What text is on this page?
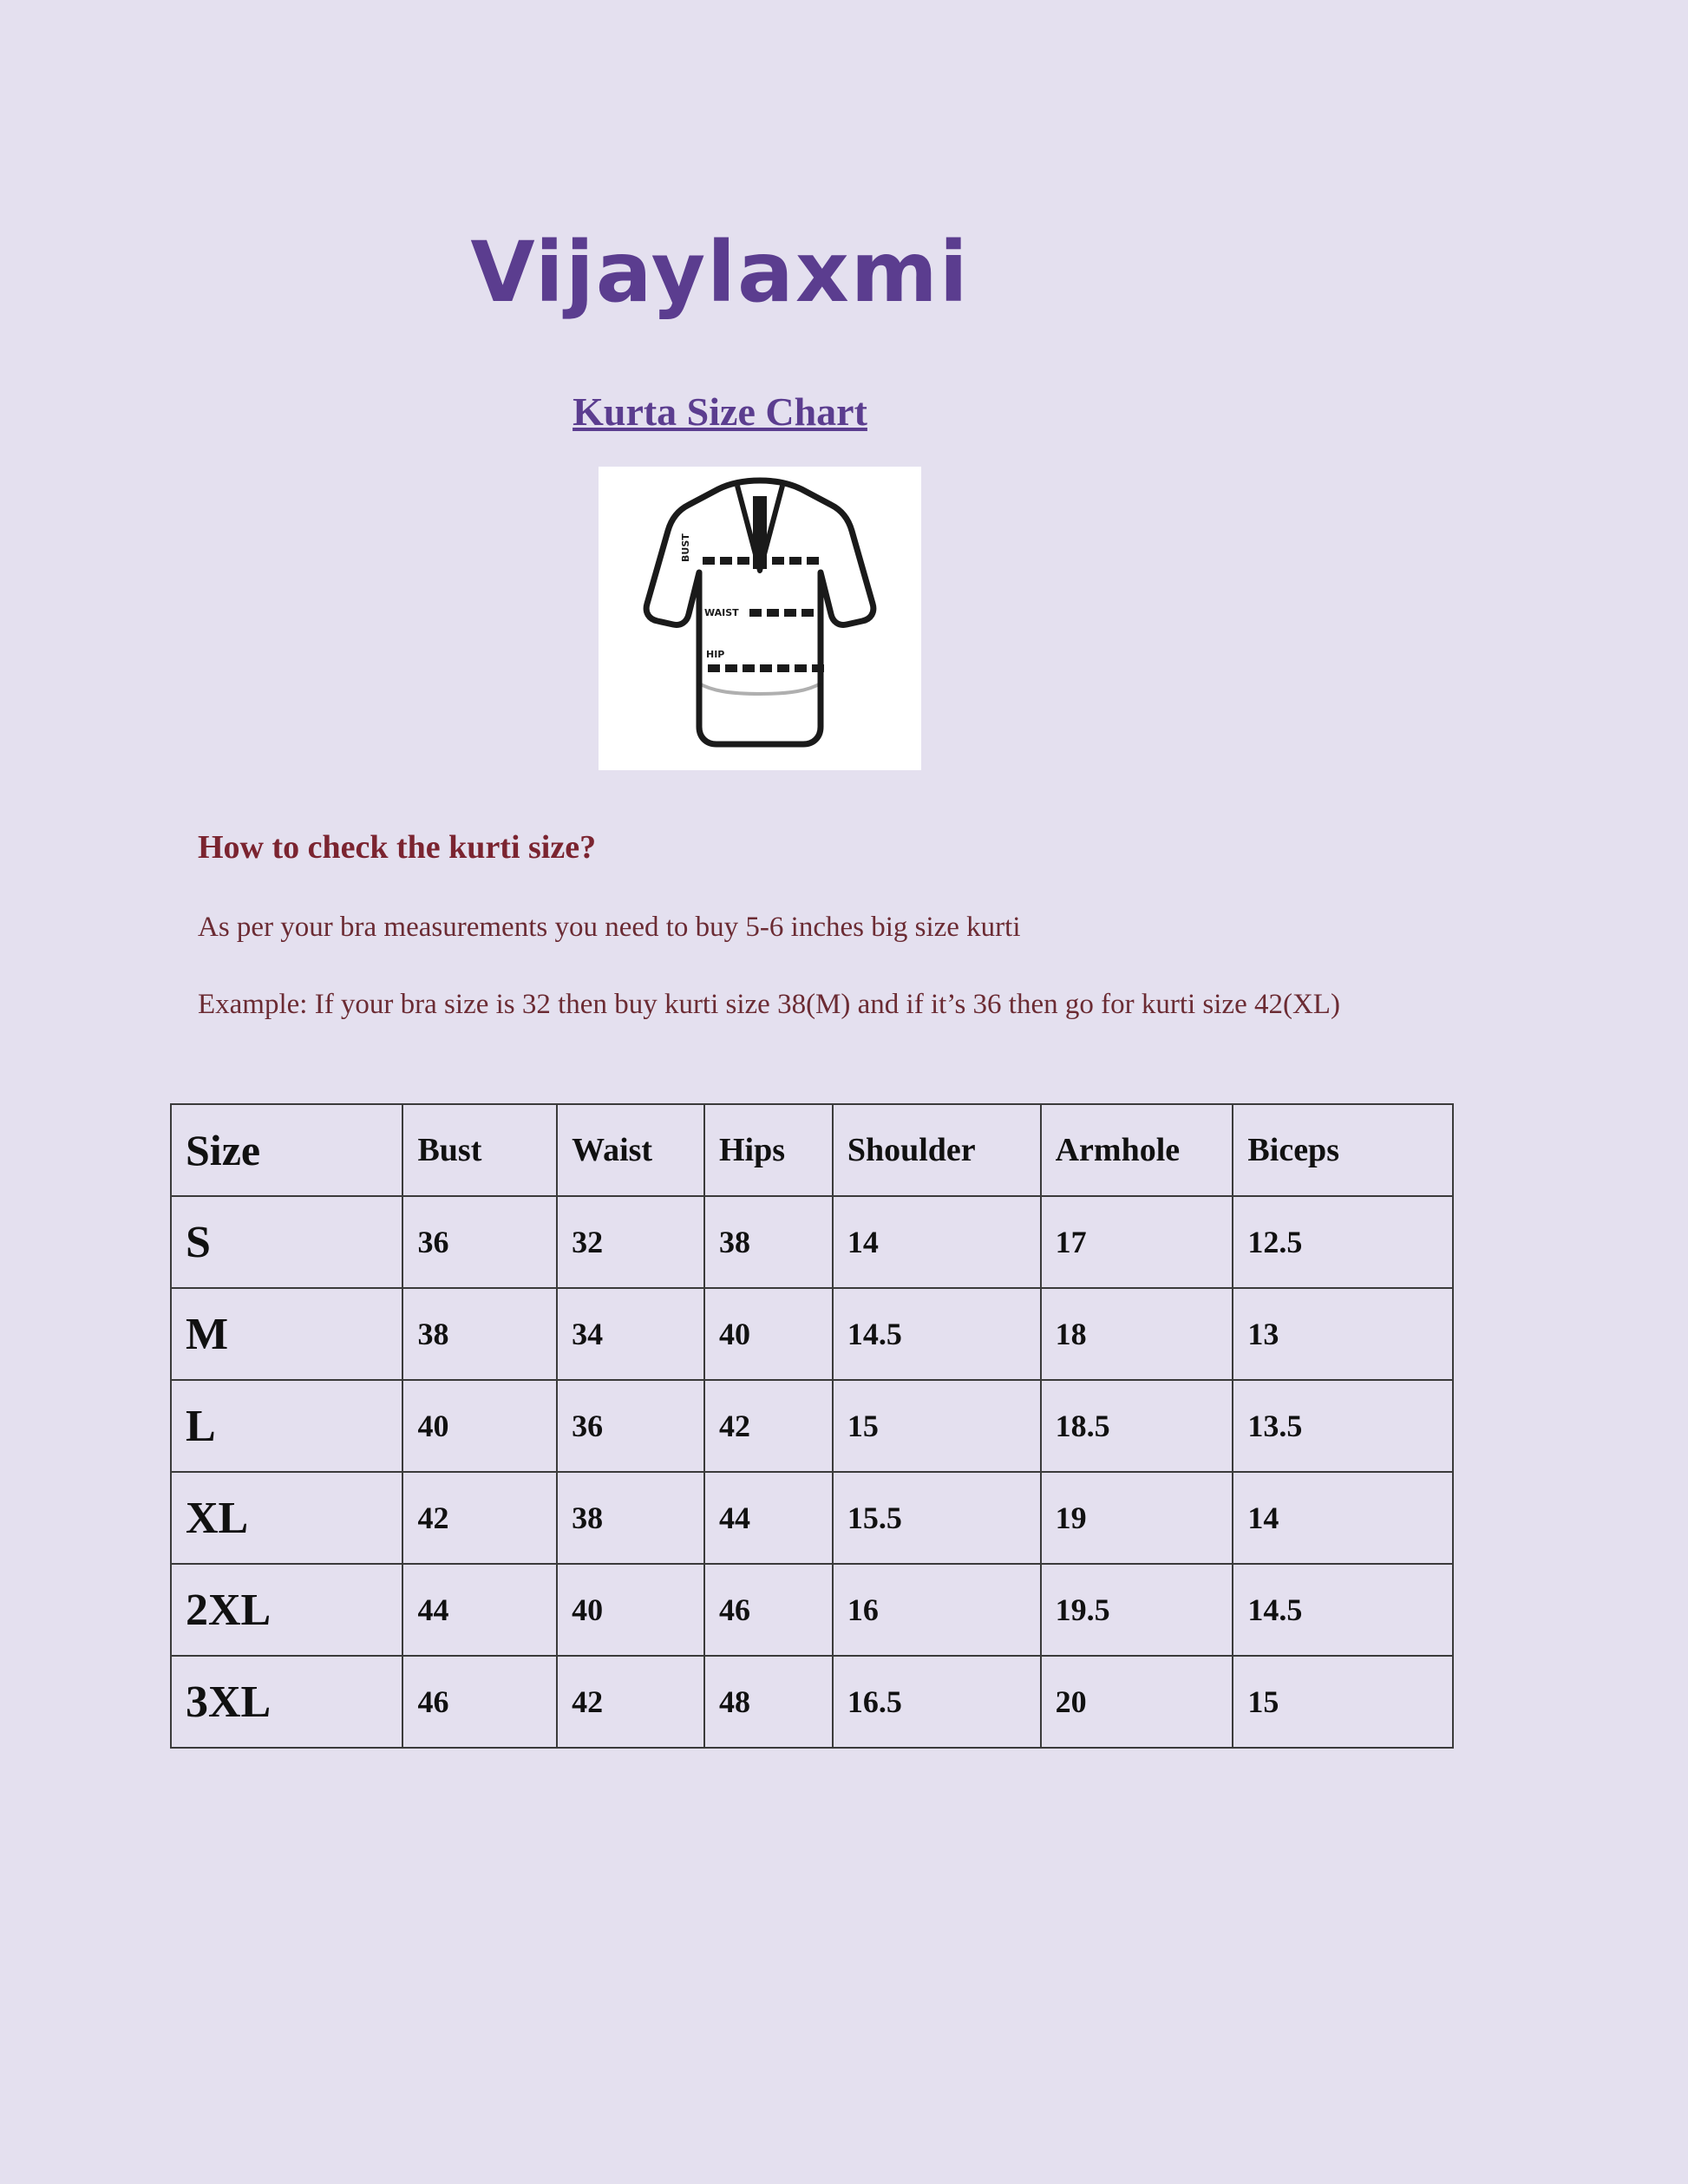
Vijaylaxmi
Kurta Size Chart
BUST
WAIST
HIP
How to check the kurti size?
As per your bra measurements you need to buy 5-6 inches big size kurti
Example: If your bra size is 32 then buy kurti size 38(M) and if it’s 36 then go for kurti size 42(XL)
Size	Bust	Waist	Hips	Shoulder	Armhole	Biceps
S	36	32	38	14	17	12.5
M	38	34	40	14.5	18	13
L	40	36	42	15	18.5	13.5
XL	42	38	44	15.5	19	14
2XL	44	40	46	16	19.5	14.5
3XL	46	42	48	16.5	20	15
